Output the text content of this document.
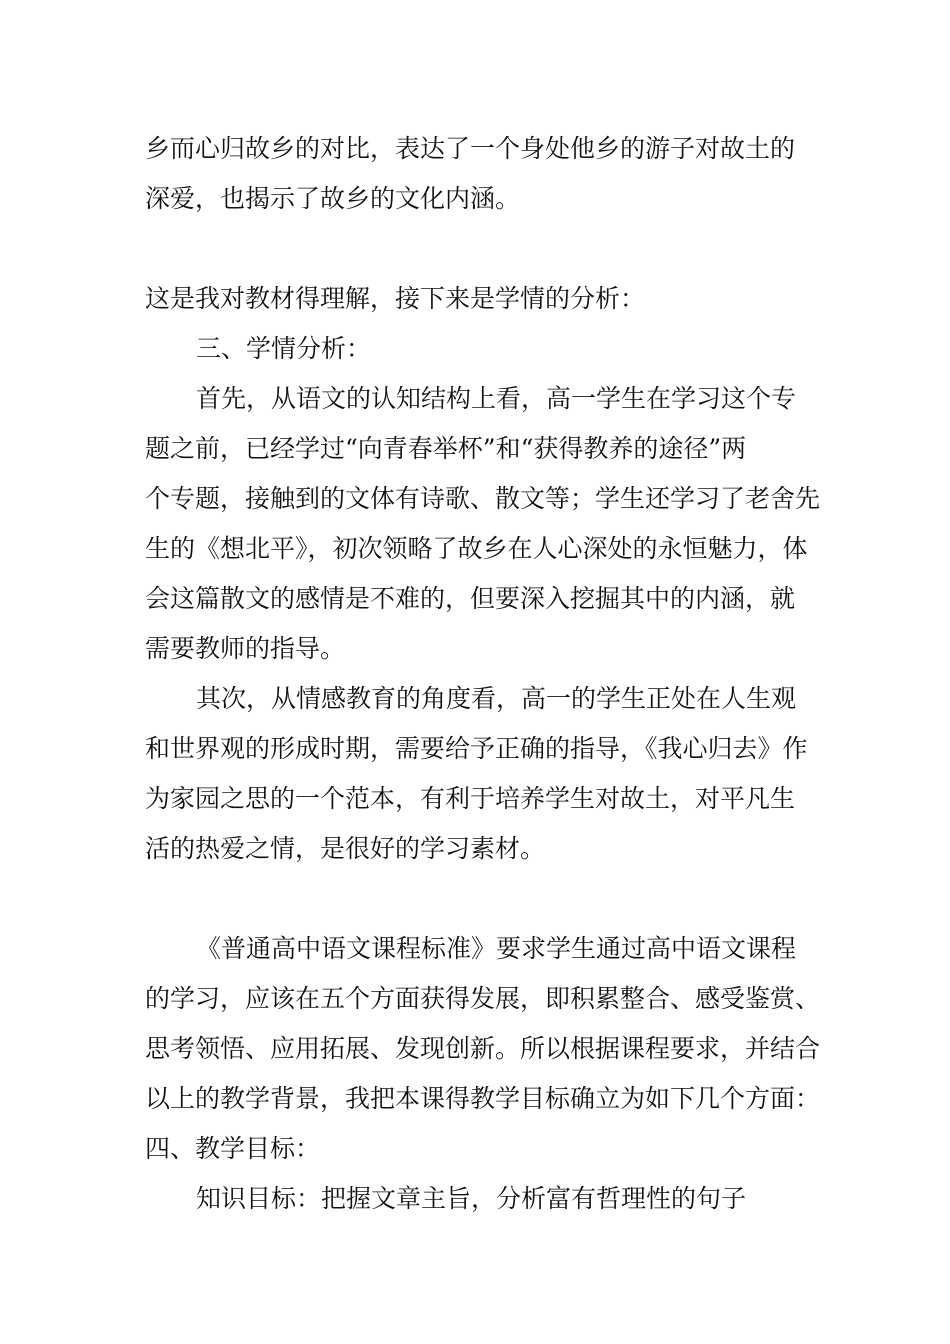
乡而心归故乡的对比，表达了一个身处他乡的游子对故土的
深爱，也揭示了故乡的文化内涵。
这是我对教材得理解，接下来是学情的分析：
三、学情分析：
首先，从语文的认知结构上看，高一学生在学习这个专
题之前，已经学过“向青春举杯”和“获得教养的途径”两
个专题，接触到的文体有诗歌、散文等；学生还学习了老舍先
生的《想北平》，初次领略了故乡在人心深处的永恒魅力，体
会这篇散文的感情是不难的，但要深入挖掘其中的内涵，就
需要教师的指导。
其次，从情感教育的角度看，高一的学生正处在人生观
和世界观的形成时期，需要给予正确的指导，《我心归去》作
为家园之思的一个范本，有利于培养学生对故土，对平凡生
活的热爱之情，是很好的学习素材。
《普通高中语文课程标准》要求学生通过高中语文课程
的学习，应该在五个方面获得发展，即积累整合、感受鉴赏、
思考领悟、应用拓展、发现创新。所以根据课程要求，并结合
以上的教学背景，我把本课得教学目标确立为如下几个方面：
四、教学目标：
知识目标：把握文章主旨，分析富有哲理性的句子
